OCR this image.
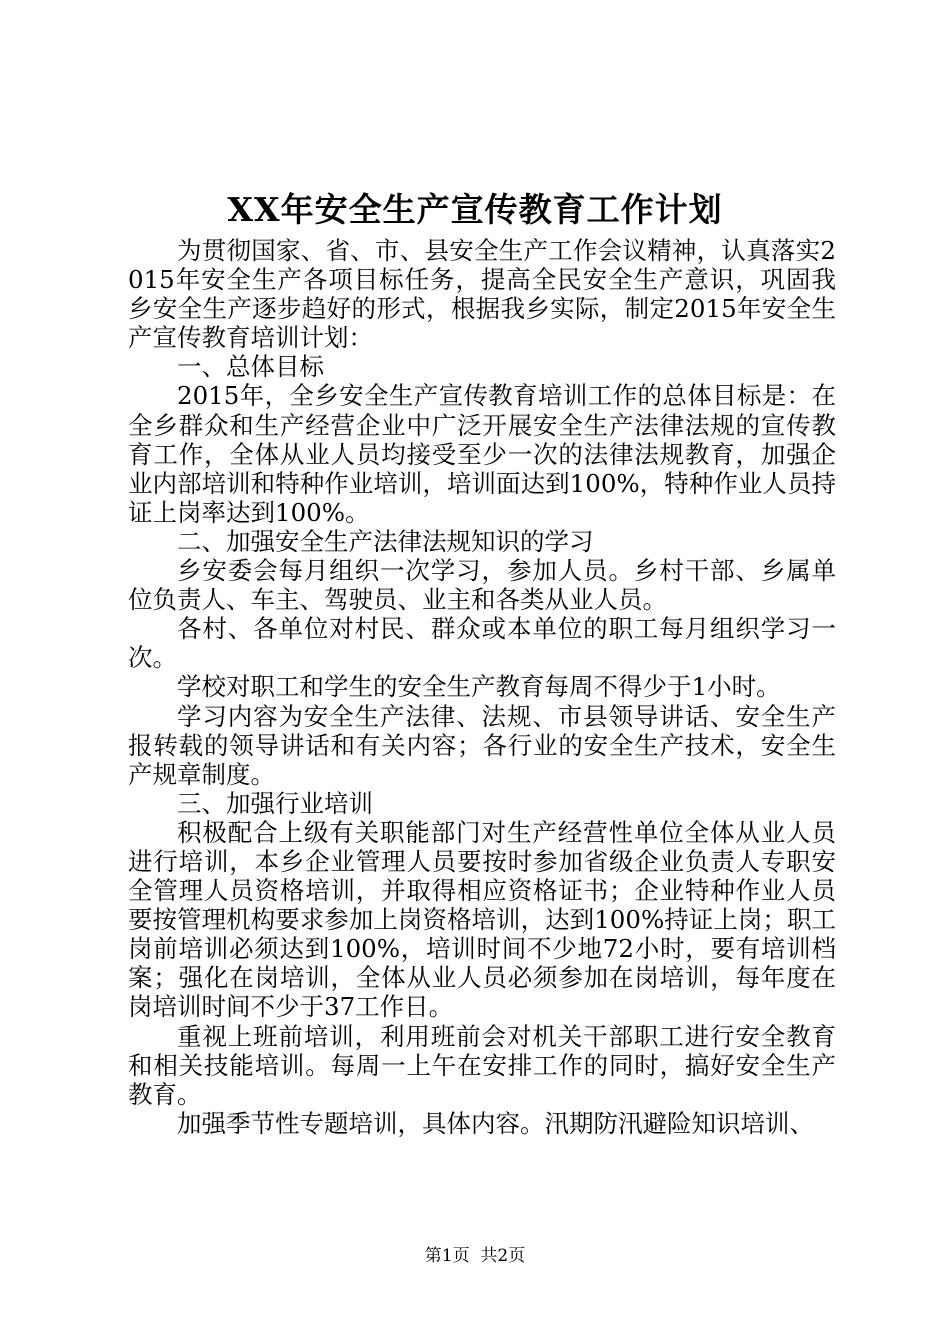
XX年安全生产宣传教育工作计划

为贯彻国家、省、市、县安全生产工作会议精神，认真落实2015年安全生产各项目标任务，提高全民安全生产意识，巩固我乡安全生产逐步趋好的形式，根据我乡实际，制定2015年安全生产宣传教育培训计划：

一、总体目标

2015年，全乡安全生产宣传教育培训工作的总体目标是：在全乡群众和生产经营企业中广泛开展安全生产法律法规的宣传教育工作，全体从业人员均接受至少一次的法律法规教育，加强企业内部培训和特种作业培训，培训面达到100%，特种作业人员持证上岗率达到100%。

二、加强安全生产法律法规知识的学习

乡安委会每月组织一次学习，参加人员。乡村干部、乡属单位负责人、车主、驾驶员、业主和各类从业人员。

各村、各单位对村民、群众或本单位的职工每月组织学习一次。

学校对职工和学生的安全生产教育每周不得少于1小时。

学习内容为安全生产法律、法规、市县领导讲话、安全生产报转载的领导讲话和有关内容；各行业的安全生产技术，安全生产规章制度。

三、加强行业培训

积极配合上级有关职能部门对生产经营性单位全体从业人员进行培训，本乡企业管理人员要按时参加省级企业负责人专职安全管理人员资格培训，并取得相应资格证书；企业特种作业人员要按管理机构要求参加上岗资格培训，达到100%持证上岗；职工岗前培训必须达到100%，培训时间不少地72小时，要有培训档案；强化在岗培训，全体从业人员必须参加在岗培训，每年度在岗培训时间不少于37工作日。

重视上班前培训，利用班前会对机关干部职工进行安全教育和相关技能培训。每周一上午在安排工作的同时，搞好安全生产教育。

加强季节性专题培训，具体内容。汛期防汛避险知识培训、

第1页 共2页
